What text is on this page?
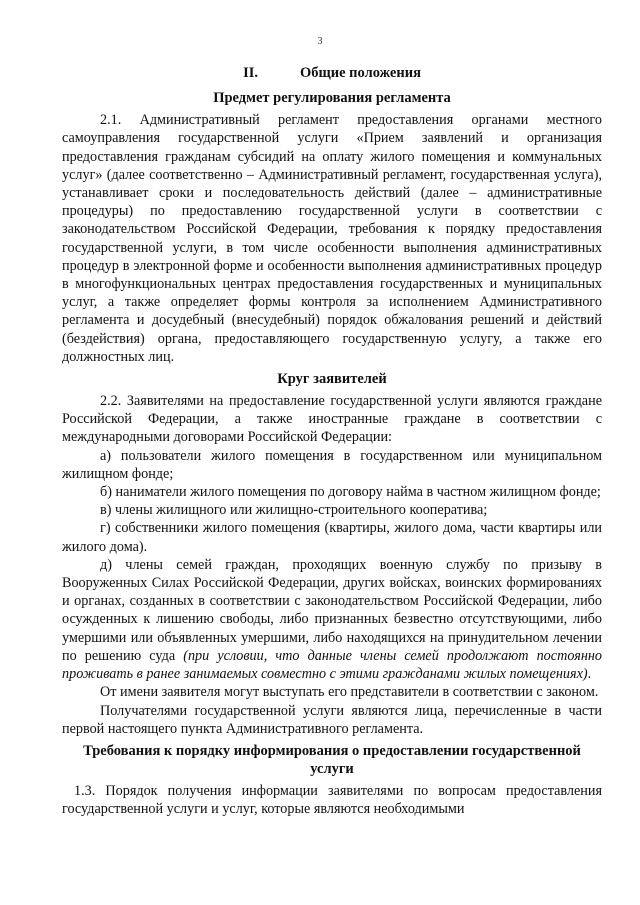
3
II.	Общие положения
Предмет регулирования регламента

2.1. Административный регламент предоставления органами местного самоуправления государственной услуги «Прием заявлений и организация предоставления гражданам субсидий на оплату жилого помещения и коммунальных услуг» (далее соответственно – Административный регламент, государственная услуга), устанавливает сроки и последовательность действий (далее – административные процедуры) по предоставлению государственной услуги в соответствии с законодательством Российской Федерации, требования к порядку предоставления государственной услуги, в том числе особенности выполнения административных процедур в электронной форме и особенности выполнения административных процедур в многофункциональных центрах предоставления государственных и муниципальных услуг, а также определяет формы контроля за исполнением Административного регламента и досудебный (внесудебный) порядок обжалования решений и действий (бездействия) органа, предоставляющего государственную услугу, а также его должностных лиц.

Круг заявителей

2.2. Заявителями на предоставление государственной услуги являются граждане Российской Федерации, а также иностранные граждане в соответствии с международными договорами Российской Федерации:

а) пользователи жилого помещения в государственном или муниципальном жилищном фонде;

б) наниматели жилого помещения по договору найма в частном жилищном фонде;

в) члены жилищного или жилищно-строительного кооператива;

г) собственники жилого помещения (квартиры, жилого дома, части квартиры или жилого дома).

д) члены семей граждан, проходящих военную службу по призыву в Вооруженных Силах Российской Федерации, других войсках, воинских формированиях и органах, созданных в соответствии с законодательством Российской Федерации, либо осужденных к лишению свободы, либо признанных безвестно отсутствующими, либо умершими или объявленных умершими, либо находящихся на принудительном лечении по решению суда (при условии, что данные члены семей продолжают постоянно проживать в ранее занимаемых совместно с этими гражданами жилых помещениях).

От имени заявителя могут выступать его представители в соответствии с законом.

Получателями государственной услуги являются лица, перечисленные в части первой настоящего пункта Административного регламента.

Требования к порядку информирования о предоставлении государственной услуги

1.3. Порядок получения информации заявителями по вопросам предоставления государственной услуги и услуг, которые являются необходимыми
